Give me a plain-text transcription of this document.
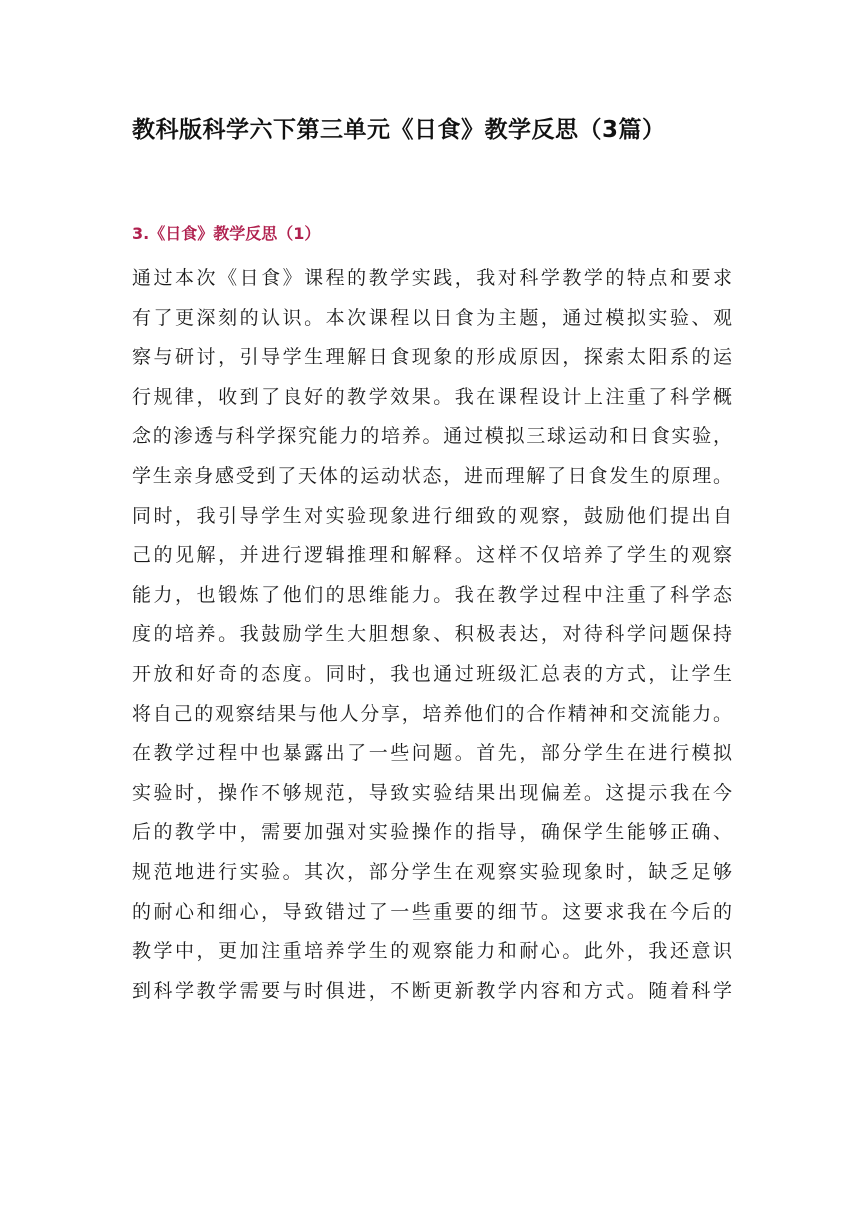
教科版科学六下第三单元《日食》教学反思（3篇）
3.《日食》教学反思（1）
通过本次《日食》课程的教学实践，我对科学教学的特点和要求
有了更深刻的认识。本次课程以日食为主题，通过模拟实验、观
察与研讨，引导学生理解日食现象的形成原因，探索太阳系的运
行规律，收到了良好的教学效果。我在课程设计上注重了科学概
念的渗透与科学探究能力的培养。通过模拟三球运动和日食实验，
学生亲身感受到了天体的运动状态，进而理解了日食发生的原理。
同时，我引导学生对实验现象进行细致的观察，鼓励他们提出自
己的见解，并进行逻辑推理和解释。这样不仅培养了学生的观察
能力，也锻炼了他们的思维能力。我在教学过程中注重了科学态
度的培养。我鼓励学生大胆想象、积极表达，对待科学问题保持
开放和好奇的态度。同时，我也通过班级汇总表的方式，让学生
将自己的观察结果与他人分享，培养他们的合作精神和交流能力。
在教学过程中也暴露出了一些问题。首先，部分学生在进行模拟
实验时，操作不够规范，导致实验结果出现偏差。这提示我在今
后的教学中，需要加强对实验操作的指导，确保学生能够正确、
规范地进行实验。其次，部分学生在观察实验现象时，缺乏足够
的耐心和细心，导致错过了一些重要的细节。这要求我在今后的
教学中，更加注重培养学生的观察能力和耐心。此外，我还意识
到科学教学需要与时俱进，不断更新教学内容和方式。随着科学
